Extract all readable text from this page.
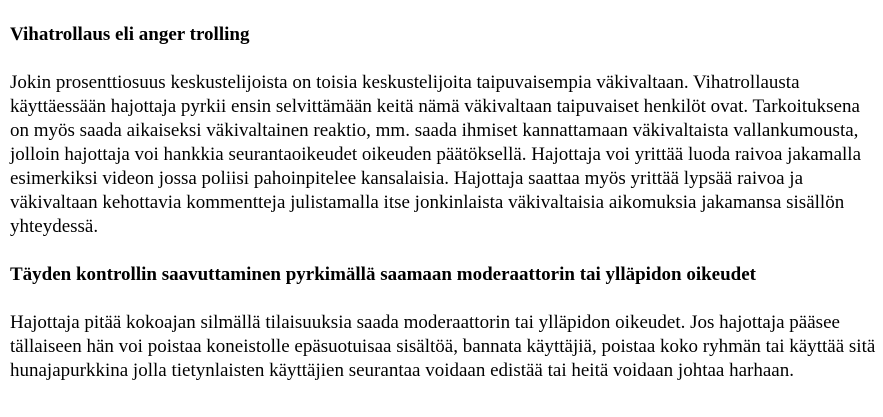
Vihatrollaus eli anger trolling

Jokin prosenttiosuus keskustelijoista on toisia keskustelijoita taipuvaisempia väkivaltaan. Vihatrollausta käyttäessään hajottaja pyrkii ensin selvittämään keitä nämä väkivaltaan taipuvaiset henkilöt ovat. Tarkoituksena on myös saada aikaiseksi väkivaltainen reaktio, mm. saada ihmiset kannattamaan väkivaltaista vallankumousta, jolloin hajottaja voi hankkia seurantaoikeudet oikeuden päätöksellä. Hajottaja voi yrittää luoda raivoa jakamalla esimerkiksi videon jossa poliisi pahoinpitelee kansalaisia. Hajottaja saattaa myös yrittää lypsää raivoa ja väkivaltaan kehottavia kommentteja julistamalla itse jonkinlaista väkivaltaisia aikomuksia jakamansa sisällön yhteydessä.

Täyden kontrollin saavuttaminen pyrkimällä saamaan moderaattorin tai ylläpidon oikeudet

Hajottaja pitää kokoajan silmällä tilaisuuksia saada moderaattorin tai ylläpidon oikeudet. Jos hajottaja pääsee tällaiseen hän voi poistaa koneistolle epäsuotuisaa sisältöä, bannata käyttäjiä, poistaa koko ryhmän tai käyttää sitä hunajapurkkina jolla tietynlaisten käyttäjien seurantaa voidaan edistää tai heitä voidaan johtaa harhaan.
